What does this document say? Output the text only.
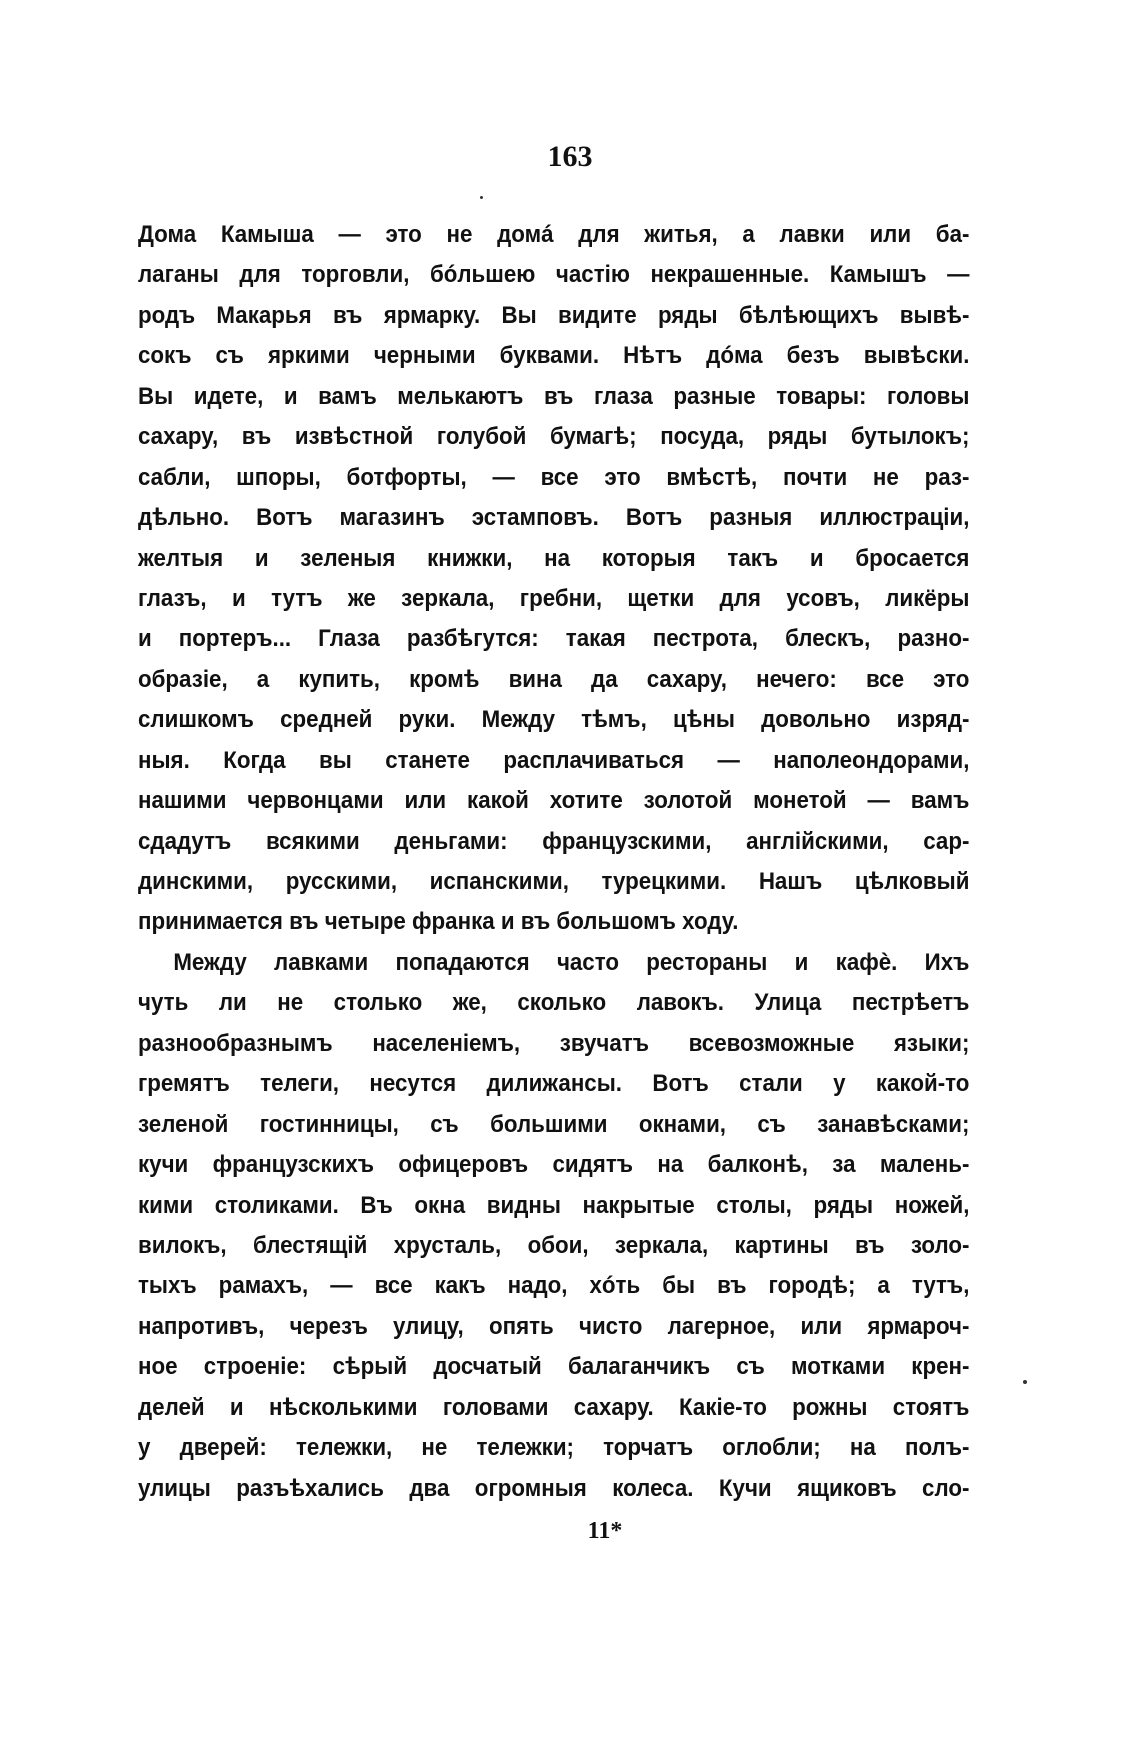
163
Дома Камыша — это не домá для житья, а лавки или ба-
лаганы для торговли, бóльшею частію некрашенные. Камышъ —
родъ Макарья въ ярмарку. Вы видите ряды бѣлѣющихъ вывѣ-
сокъ съ яркими черными буквами. Нѣтъ дóма безъ вывѣски.
Вы идете, и вамъ мелькаютъ въ глаза разные товары: головы
сахару, въ извѣстной голубой бумагѣ; посуда, ряды бутылокъ;
сабли, шпоры, ботфорты, — все это вмѣстѣ, почти не раз-
дѣльно. Вотъ магазинъ эстамповъ. Вотъ разныя иллюстраціи,
желтыя и зеленыя книжки, на которыя такъ и бросается
глазъ, и тутъ же зеркала, гребни, щетки для усовъ, ликёры
и портеръ... Глаза разбѣгутся: такая пестрота, блескъ, разно-
образіе, а купить, кромѣ вина да сахару, нечего: все это
слишкомъ средней руки. Между тѣмъ, цѣны довольно изряд-
ныя. Когда вы станете расплачиваться — наполеондорами,
нашими червонцами или какой хотите золотой монетой — вамъ
сдадутъ всякими деньгами: французскими, англійскими, сар-
динскими, русскими, испанскими, турецкими. Нашъ цѣлковый
принимается въ четыре франка и въ большомъ ходу.
Между лавками попадаются часто рестораны и кафè. Ихъ
чуть ли не столько же, сколько лавокъ. Улица пестрѣетъ
разнообразнымъ населеніемъ, звучатъ всевозможные языки;
гремятъ телеги, несутся дилижансы. Вотъ стали у какой-то
зеленой гостинницы, съ большими окнами, съ занавѣсками;
кучи французскихъ офицеровъ сидятъ на балконѣ, за малень-
кими столиками. Въ окна видны накрытые столы, ряды ножей,
вилокъ, блестящій хрусталь, обои, зеркала, картины въ золо-
тыхъ рамахъ, — все какъ надо, хóть бы въ городѣ; а тутъ,
напротивъ, черезъ улицу, опять чисто лагерное, или ярмароч-
ное строеніе: сѣрый досчатый балаганчикъ съ мотками крен-
делей и нѣсколькими головами сахару. Какіе-то рожны стоятъ
у дверей: тележки, не тележки; торчатъ оглобли; на полъ-
улицы разъѣхались два огромныя колеса. Кучи ящиковъ сло-
11*
